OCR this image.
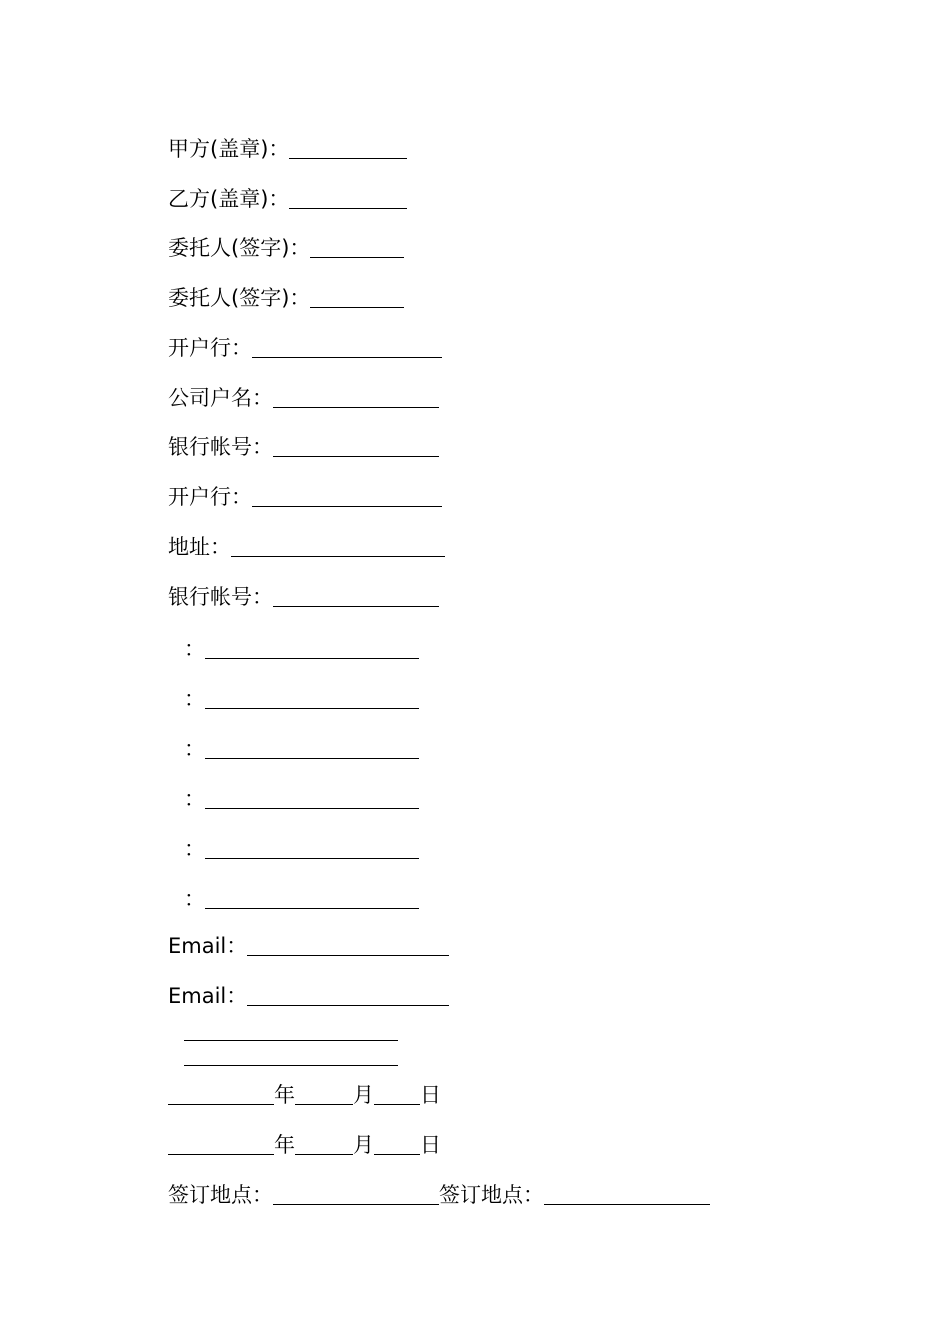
甲方(盖章)：
乙方(盖章)：
委托人(签字)：
委托人(签字)：
开户行：
公司户名：
银行帐号：
开户行：
地址：
银行帐号：
：
：
：
：
：
：
Email：
Email：
年	月 日
年	月 日
签订地点：	签订地点：
